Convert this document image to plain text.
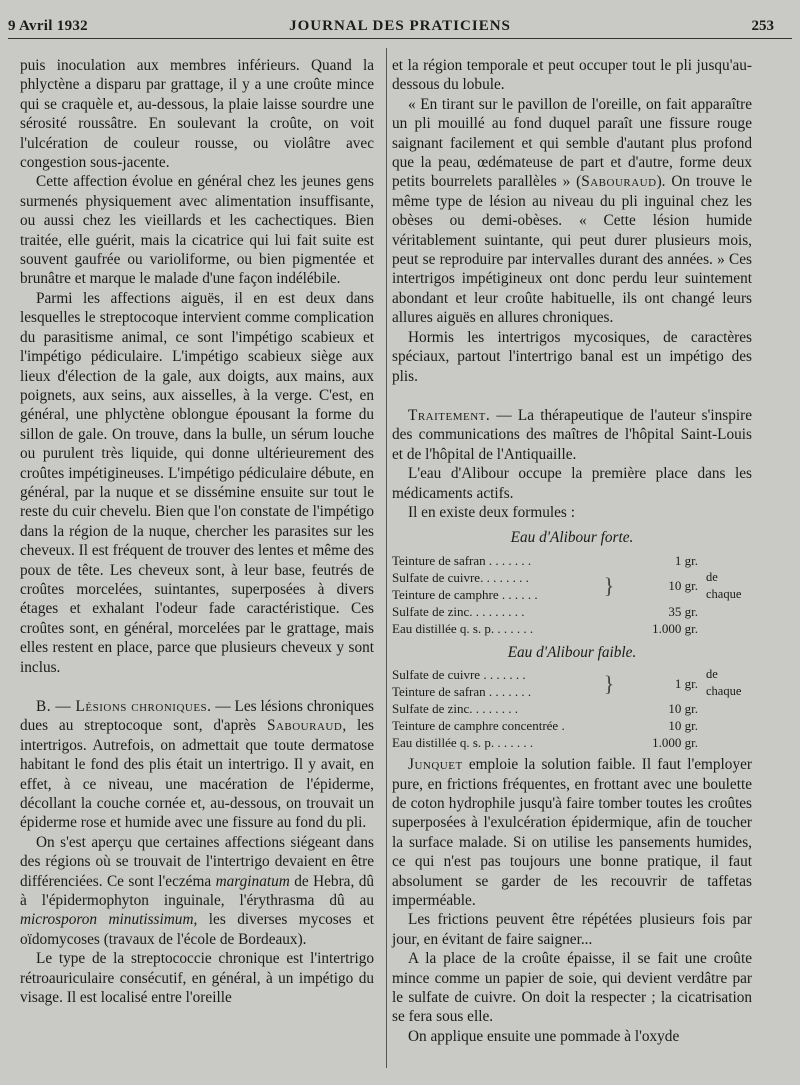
9 Avril 1932	JOURNAL DES PRATICIENS	253

puis inoculation aux membres inférieurs. Quand la phlyctène a disparu par grattage, il y a une croûte mince qui se craquèle et, au-dessous, la plaie laisse sourdre une sérosité roussâtre. En soulevant la croûte, on voit l'ulcération de couleur rousse, ou violâtre avec congestion sous-jacente.

Cette affection évolue en général chez les jeunes gens surmenés physiquement avec alimentation insuffisante, ou aussi chez les vieillards et les cachectiques. Bien traitée, elle guérit, mais la cicatrice qui lui fait suite est souvent gaufrée ou varioliforme, ou bien pigmentée et brunâtre et marque le malade d'une façon indélébile.

Parmi les affections aiguës, il en est deux dans lesquelles le streptocoque intervient comme complication du parasitisme animal, ce sont l'impétigo scabieux et l'impétigo pédiculaire. L'impétigo scabieux siège aux lieux d'élection de la gale, aux doigts, aux mains, aux poignets, aux seins, aux aisselles, à la verge. C'est, en général, une phlyctène oblongue épousant la forme du sillon de gale. On trouve, dans la bulle, un sérum louche ou purulent très liquide, qui donne ultérieurement des croûtes impétigineuses. L'impétigo pédiculaire débute, en général, par la nuque et se dissémine ensuite sur tout le reste du cuir chevelu. Bien que l'on constate de l'impétigo dans la région de la nuque, chercher les parasites sur les cheveux. Il est fréquent de trouver des lentes et même des poux de tête. Les cheveux sont, à leur base, feutrés de croûtes morcelées, suintantes, superposées à divers étages et exhalant l'odeur fade caractéristique. Ces croûtes sont, en général, morcelées par le grattage, mais elles restent en place, parce que plusieurs cheveux y sont inclus.

B. — Lésions chroniques. — Les lésions chroniques dues au streptocoque sont, d'après Sabouraud, les intertrigos. Autrefois, on admettait que toute dermatose habitant le fond des plis était un intertrigo. Il y avait, en effet, à ce niveau, une macération de l'épiderme, décollant la couche cornée et, au-dessous, on trouvait un épiderme rose et humide avec une fissure au fond du pli.

On s'est aperçu que certaines affections siégeant dans des régions où se trouvait de l'intertrigo devaient en être différenciées. Ce sont l'eczéma marginatum de Hebra, dû à l'épidermophyton inguinale, l'érythrasma dû au microsporon minutissimum, les diverses mycoses et oïdomycoses (travaux de l'école de Bordeaux).

Le type de la streptococcie chronique est l'intertrigo rétroauriculaire consécutif, en général, à un impétigo du visage. Il est localisé entre l'oreille

et la région temporale et peut occuper tout le pli jusqu'au-dessous du lobule.

« En tirant sur le pavillon de l'oreille, on fait apparaître un pli mouillé au fond duquel paraît une fissure rouge saignant facilement et qui semble d'autant plus profond que la peau, œdémateuse de part et d'autre, forme deux petits bourrelets parallèles » (Sabouraud). On trouve le même type de lésion au niveau du pli inguinal chez les obèses ou demi-obèses. « Cette lésion humide véritablement suintante, qui peut durer plusieurs mois, peut se reproduire par intervalles durant des années. » Ces intertrigos impétigineux ont donc perdu leur suintement abondant et leur croûte habituelle, ils ont changé leurs allures aiguës en allures chroniques.

Hormis les intertrigos mycosiques, de caractères spéciaux, partout l'intertrigo banal est un impétigo des plis.

Traitement. — La thérapeutique de l'auteur s'inspire des communications des maîtres de l'hôpital Saint-Louis et de l'hôpital de l'Antiquaille.

L'eau d'Alibour occupe la première place dans les médicaments actifs.

Il en existe deux formules :

Eau d'Alibour forte.
Teinture de safran . . . . . . .		1 gr.	
Sulfate de cuivre. . . . . . . .	}	10 gr.	de chaque
Teinture de camphre . . . . . .			
Sulfate de zinc. . . . . . . . .		35 gr.	
Eau distillée q. s. p. . . . . . .		1.000 gr.	
Eau d'Alibour faible.
Sulfate de cuivre . . . . . . .	}	1 gr.	de chaque
Teinture de safran . . . . . . .			
Sulfate de zinc. . . . . . . .		10 gr.	
Teinture de camphre concentrée .		10 gr.	
Eau distillée q. s. p. . . . . . .		1.000 gr.	

Junquet emploie la solution faible. Il faut l'employer pure, en frictions fréquentes, en frottant avec une boulette de coton hydrophile jusqu'à faire tomber toutes les croûtes superposées à l'exulcération épidermique, afin de toucher la surface malade. Si on utilise les pansements humides, ce qui n'est pas toujours une bonne pratique, il faut absolument se garder de les recouvrir de taffetas imperméable.

Les frictions peuvent être répétées plusieurs fois par jour, en évitant de faire saigner...

A la place de la croûte épaisse, il se fait une croûte mince comme un papier de soie, qui devient verdâtre par le sulfate de cuivre. On doit la respecter ; la cicatrisation se fera sous elle.

On applique ensuite une pommade à l'oxyde
